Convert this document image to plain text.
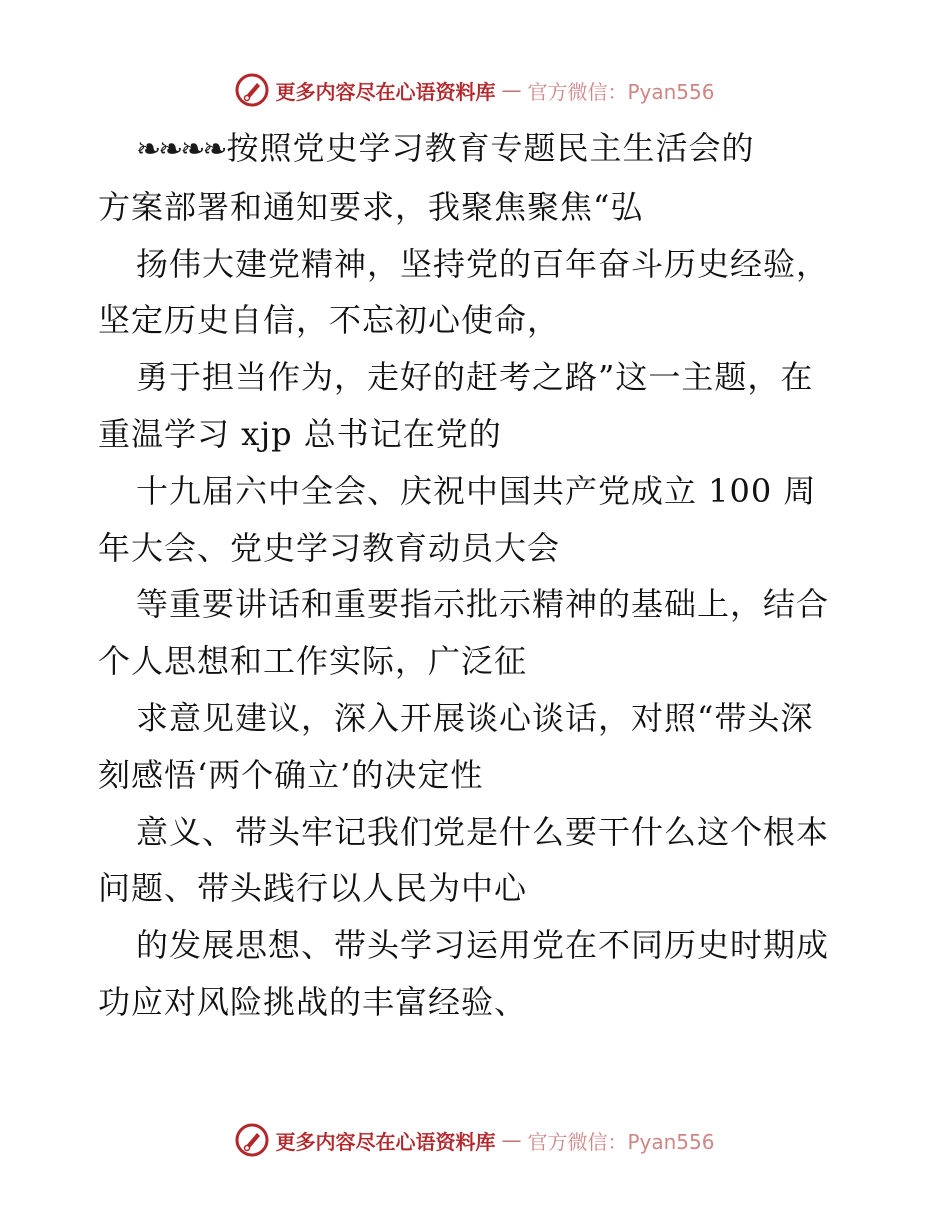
更多内容尽在心语资料库 — 官方微信：Pyan556
❧❧❧❧按照党史学习教育专题民主生活会的
方案部署和通知要求，我聚焦聚焦“弘
扬伟大建党精神，坚持党的百年奋斗历史经验，
坚定历史自信，不忘初心使命，
勇于担当作为，走好的赶考之路”这一主题，在
重温学习 xjp 总书记在党的
十九届六中全会、庆祝中国共产党成立 100 周
年大会、党史学习教育动员大会
等重要讲话和重要指示批示精神的基础上，结合
个人思想和工作实际，广泛征
求意见建议，深入开展谈心谈话，对照“带头深
刻感悟‘两个确立’的决定性
意义、带头牢记我们党是什么要干什么这个根本
问题、带头践行以人民为中心
的发展思想、带头学习运用党在不同历史时期成
功应对风险挑战的丰富经验、
更多内容尽在心语资料库 — 官方微信：Pyan556
